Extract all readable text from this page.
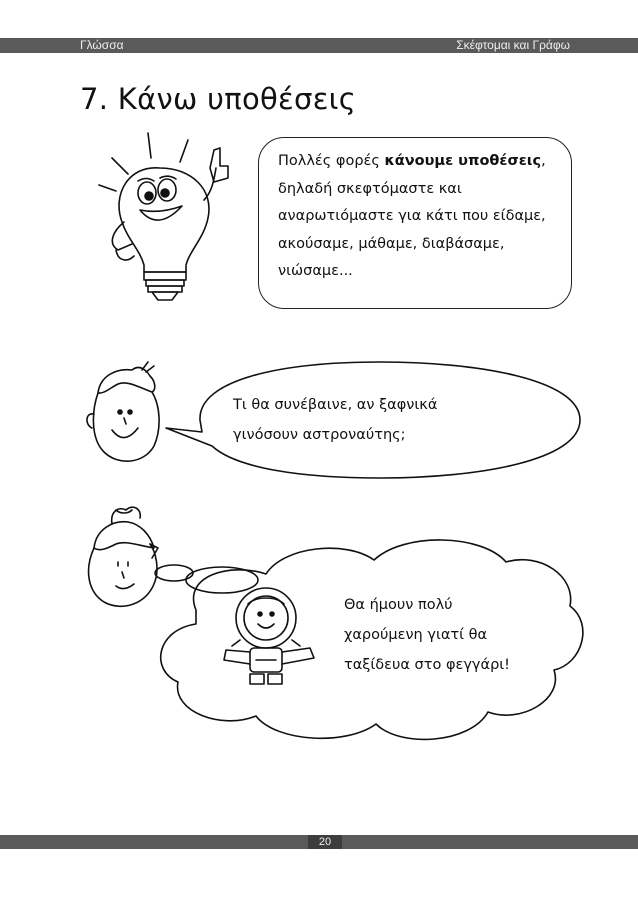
Γλώσσα	Σκέφτομαι και Γράφω
7. Κάνω υποθέσεις
Πολλές φορές κάνουμε υποθέσεις,
δηλαδή σκεφτόμαστε και
αναρωτιόμαστε για κάτι που είδαμε,
ακούσαμε, μάθαμε, διαβάσαμε,
νιώσαμε...
Τι θα συνέβαινε, αν ξαφνικά
γινόσουν αστροναύτης;
Θα ήμουν πολύ
χαρούμενη γιατί θα
ταξίδευα στο φεγγάρι!
20
